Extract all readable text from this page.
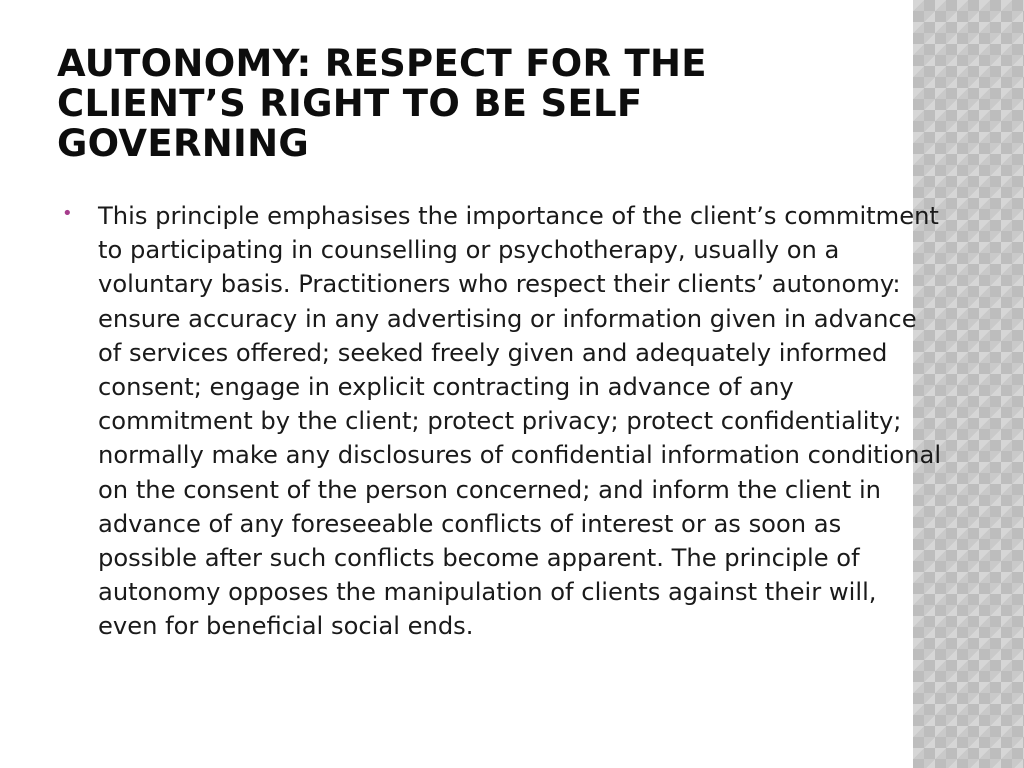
AUTONOMY: RESPECT FOR THE CLIENT’S RIGHT TO BE SELF GOVERNING
•	This principle emphasises the importance of the client’s commitment to participating in counselling or psychotherapy, usually on a voluntary basis. Practitioners who respect their clients’ autonomy: ensure accuracy in any advertising or information given in advance of services offered; seeked freely given and adequately informed consent; engage in explicit contracting in advance of any commitment by the client; protect privacy; protect confidentiality; normally make any disclosures of confidential information conditional on the consent of the person concerned; and inform the client in advance of any foreseeable conflicts of interest or as soon as possible after such conflicts become apparent. The principle of autonomy opposes the manipulation of clients against their will, even for beneficial social ends.
